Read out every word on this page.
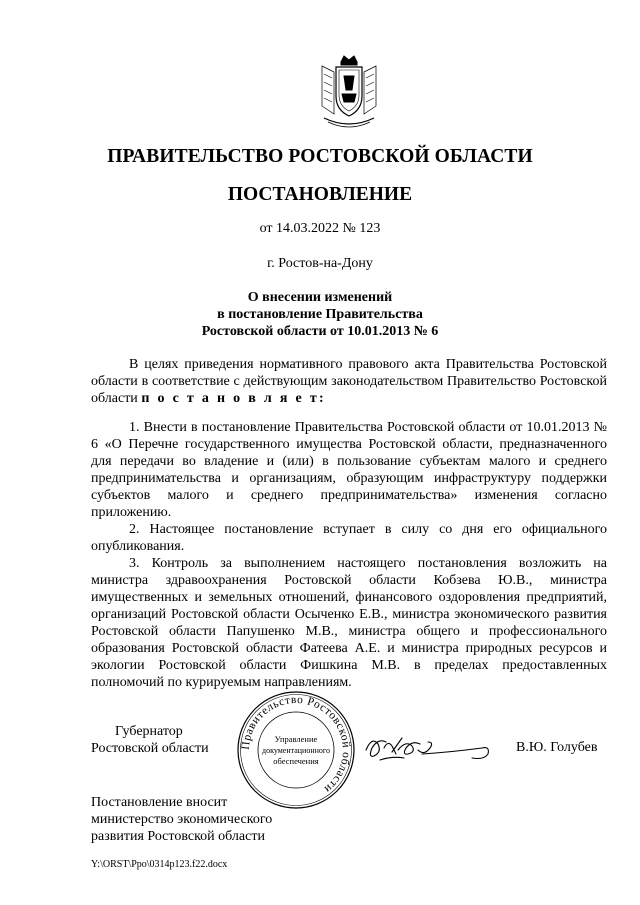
ПРАВИТЕЛЬСТВО РОСТОВСКОЙ ОБЛАСТИ
ПОСТАНОВЛЕНИЕ
от 14.03.2022 № 123
г. Ростов-на-Дону
О внесении изменений
в постановление Правительства
Ростовской области от 10.01.2013 № 6

В целях приведения нормативного правового акта Правительства Ростовской области в соответствие с действующим законодательством Правительство Ростовской области п о с т а н о в л я е т:

1. Внести в постановление Правительства Ростовской области от 10.01.2013 № 6 «О Перечне государственного имущества Ростовской области, предназначенного для передачи во владение и (или) в пользование субъектам малого и среднего предпринимательства и организациям, образующим инфраструктуру поддержки субъектов малого и среднего предпринимательства» изменения согласно приложению.

2. Настоящее постановление вступает в силу со дня его официального опубликования.

3. Контроль за выполнением настоящего постановления возложить на министра здравоохранения Ростовской области Кобзева Ю.В., министра имущественных и земельных отношений, финансового оздоровления предприятий, организаций Ростовской области Осыченко Е.В., министра экономического развития Ростовской области Папушенко М.В., министра общего и профессионального образования Ростовской области Фатеева А.Е. и министра природных ресурсов и экологии Ростовской области Фишкина М.В. в пределах предоставленных полномочий по курируемым направлениям.

Губернатор
Ростовской области	Правительство Ростовской области
Управление
документационного
обеспечения
В.Ю. Голубев
Постановление вносит
министерство экономического
развития Ростовской области
Y:\ORST\Ppo\0314p123.f22.docx
